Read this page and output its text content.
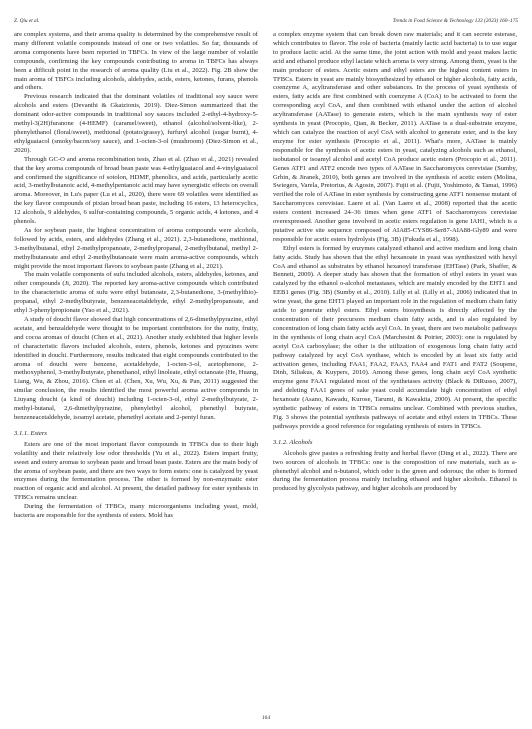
Z. Qiu et al.	Trends in Food Science & Technology 133 (2023) 160–175

are complex systems, and their aroma quality is determined by the comprehensive result of many different volatile compounds instead of one or two volatiles. So far, thousands of aroma components have been reported in TBFCs. In view of the large number of volatile compounds, confirming the key compounds contributing to aroma in TBFCs has always been a difficult point in the research of aroma quality (Liu et al., 2022). Fig. 2B show the main aroma of TBFCs including alcohols, aldehydes, acids, esters, ketones, furans, phenols and others.

Previous research indicated that the dominant volatiles of traditional soy sauce were alcohols and esters (Devanthi & Gkatzionis, 2019). Diez-Simon summarized that the dominant odor-active compounds in traditional soy sauces included 2-ethyl-4-hydroxy-5-methyl-3(2H)furanone (4-HEMF) (caramel/sweet), ethanol (alcohol/solvent-like), 2-phenylethanol (floral/sweet), methional (potato/grassy), furfuryl alcohol (sugar burnt), 4-ethylguaiacol (smoky/bacon/soy sauce), and 1-octen-3-ol (mushroom) (Diez-Simon et al., 2020).

Through GC-O and aroma recombination tests, Zhao et al. (Zhao et al., 2021) revealed that the key aroma compounds of broad bean paste was 4-ethylguaiacol and 4-vinylguaiacol and confirmed the significance of sotolon, HDMF, phenolics, and acids, particularly acetic acid, 3-methylbutanoic acid, 4-methylpentanoic acid may have synergistic effects on overall aroma. Moreover, in Lu's paper (Lu et al., 2020), there were 69 volatiles were identified as the key flavor compounds of pixian broad bean paste, including 16 esters, 13 heterocyclics, 12 alcohols, 9 aldehydes, 6 sulfur-containing compounds, 5 organic acids, 4 ketones, and 4 phenols.

As for soybean paste, the highest concentration of aroma compounds were alcohols, followed by acids, esters, and aldehydes (Zhang et al., 2021). 2,3-butanedione, methional, 3-methylbutanal, ethyl 2-methylpropanoate, 2-methylpropanal, 2-methylbutanal, methyl 2-methylbutanoate and ethyl 2-methylbutanoate were main aroma-active compounds, which might provide the most important flavors to soybean paste (Zhang et al., 2021).

The main volatile components of sufu included alcohols, esters, aldehydes, ketones, and other compounds (Ji, 2020). The reported key aroma-active compounds which contributed to the characteristic aroma of sufu were ethyl butanoate, 2,3-butanedione, 3-(methylthio)-propanal, ethyl 2-methylbutyrate, benzeneacetaldehyde, ethyl 2-methylpropanoate, and ethyl 3-phenylpropionate (Yao et al., 2021).

A study of douchi flavor showed that high concentrations of 2,6-dimethylpyrazine, ethyl acetate, and benzaldehyde were thought to be important contributors for the nutty, fruity, and cocoa aromas of douchi (Chen et al., 2021). Another study exhibited that higher levels of characteristic flavors included alcohols, esters, phenols, ketones and pyrazines were identified in douchi. Furthermore, results indicated that eight compounds contributed to the aroma of douchi were benzene, acetaldehyde, 1-octen-3-ol, acetophenone, 2-methoxyphenol, 3-methylbutyrate, phenethanol, ethyl linoleate, ethyl octanoate (He, Huang, Liang, Wu, & Zhou, 2016). Chen et al. (Chen, Xu, Wu, Xu, & Pan, 2011) suggested the similar conclusion, the results identified the most powerful aroma active compounds in Liuyang douchi (a kind of douchi) including 1-octen-3-ol, ethyl 2-methylbutyrate, 2-methyl-butanal, 2,6-dimethylpyrazine, phenylethyl alcohol, phenethyl butyrate, benzeneacetaldehyde, isoamyl acetate, phenethyl acetate and 2-pentyl furan.

3.1.1. Esters

Esters are one of the most important flavor compounds in TFBCs due to their high volatility and their relatively low odor thresholds (Yu et al., 2022). Esters impart fruity, sweet and estery aromas to soybean paste and broad bean paste. Esters are the main body of the aroma of soybean paste, and there are two ways to form esters: one is catalyzed by yeast enzymes during the fermentation process. The other is formed by non-enzymatic ester reaction of organic acid and alcohol. At present, the detailed pathway for ester synthesis in TFBCs remains unclear.

During the fermentation of TFBCs, many microorganisms including yeast, mold, bacteria are responsible for the synthesis of esters. Mold has

a complex enzyme system that can break down raw materials; and it can secrete esterase, which contributes to flavor. The role of bacteria (mainly lactic acid bacteria) is to use sugar to produce lactic acid. At the same time, the joint action with mold and yeast makes lactic acid and ethanol produce ethyl lactate which aroma is very strong. Among them, yeast is the main producer of esters. Acetic esters and ethyl esters are the highest content esters in TFBCs. Esters in yeast are mainly biosynthesized by ethanol or higher alcohols, fatty acids, coenzyme A, acyltransferase and other substances. In the process of yeast synthesis of esters, fatty acids are first combined with coenzyme A (CoA) to be activated to form the corresponding acyl CoA, and then combined with ethanol under the action of alcohol acyltransferase (AATase) to generate esters, which is the main synthesis way of ester synthesis in yeast (Procopio, Qian, & Becker, 2011). AATase is a dual-substrate enzyme, which can catalyze the reaction of acyl CoA with alcohol to generate ester, and is the key enzyme for ester synthesis (Procopio et al., 2011). What's more, AATase is mainly responsible for the synthesis of acetic esters in yeast, catalyzing alcohols such as ethanol, isobutanol or isoamyl alcohol and acetyl CoA produce acetic esters (Procopio et al., 2011). Genes ATF1 and ATF2 encode two types of AATase in Saccharomyces cerevisiae (Sumby, Grbin, & Jiranek, 2010), both genes are involved in the synthesis of acetic esters (Molina, Swiegers, Varela, Pretorius, & Agosin, 2007). Fujii et al. (Fujii, Yoshimoto, & Tamai, 1996) verified the role of AATase in ester synthesis by constructing gene ATF1 nonsense mutant of Saccharomyces cerevisiae. Laere et al. (Van Laere et al., 2008) reported that the acetic esters content increased 24–36 times when gene ATF1 of Saccharomyces cerevisiae overexpressed. Another gene involved in acetic esters regulation is gene IAH1, which is a putative active site sequence composed of AIA85-CYS86-Ser87-AIA88-Gly89 and were responsible for acetic esters hydrolysis (Fig. 3B) (Fukuda et al., 1998).

Ethyl esters is formed by enzymes catalyzed ethanol and active medium and long chain fatty acids. Study has shown that the ethyl hexanoate in yeast was synthesized with hexyl CoA and ethanol as substrates by ethanol hexanoyl transferase (EHTase) (Park, Shaffer, & Bennett, 2009). A deeper study has shown that the formation of ethyl esters in yeast was catalyzed by the ethanol o-alcohol metastases, which are mainly encoded by the EHT1 and EEB1 genes (Fig. 3B) (Sumby et al., 2010). Lilly et al. (Lilly et al., 2006) indicated that in wine yeast, the gene EHT1 played an important role in the regulation of medium chain fatty acids to generate ethyl esters. Ethyl esters biosynthesis is directly affected by the concentration of their precursors medium chain fatty acids, and is also regulated by concentration of long chain fatty acids acyl CoA. In yeast, there are two metabolic pathways in the synthesis of long chain acyl CoA (Marchesini & Poirier, 2003): one is regulated by acetyl CoA carboxylase; the other is the utilization of exogenous long chain fatty acid pathway catalyzed by acyl CoA synthase, which is encoded by at least six fatty acid activation genes, including FAA1, FAA2, FAA3, FAA4 and FAT1 and FAT2 (Soupene, Dinh, Siliakus, & Kuypers, 2010). Among these genes, long chain acyl CoA synthetic enzyme gene FAA1 regulated most of the synthetases activity (Black & DiRusso, 2007), and deleting FAA1 genes of sake yeast could accumulate high concentration of ethyl hexanoate (Asano, Kawadu, Kurose, Tarumi, & Kawakita, 2000). At present, the specific synthetic pathway of esters in TFBCs remains unclear. Combined with previous studies, Fig. 3 shows the potential synthesis pathways of acetate and ethyl esters in TFBCs. These pathways provide a good reference for regulating synthesis of esters in TFBCs.

3.1.2. Alcohols

Alcohols give pastes a refreshing fruity and herbal flavor (Ding et al., 2022). There are two sources of alcohols in TFBCs: one is the composition of raw materials, such as a-phenethyl alcohol and n-butanol, which odor is the green and odorous; the other is formed during the fermentation process mainly including ethanol and higher alcohols. Ethanol is produced by glycolysis pathway, and higher alcohols are produced by

164
